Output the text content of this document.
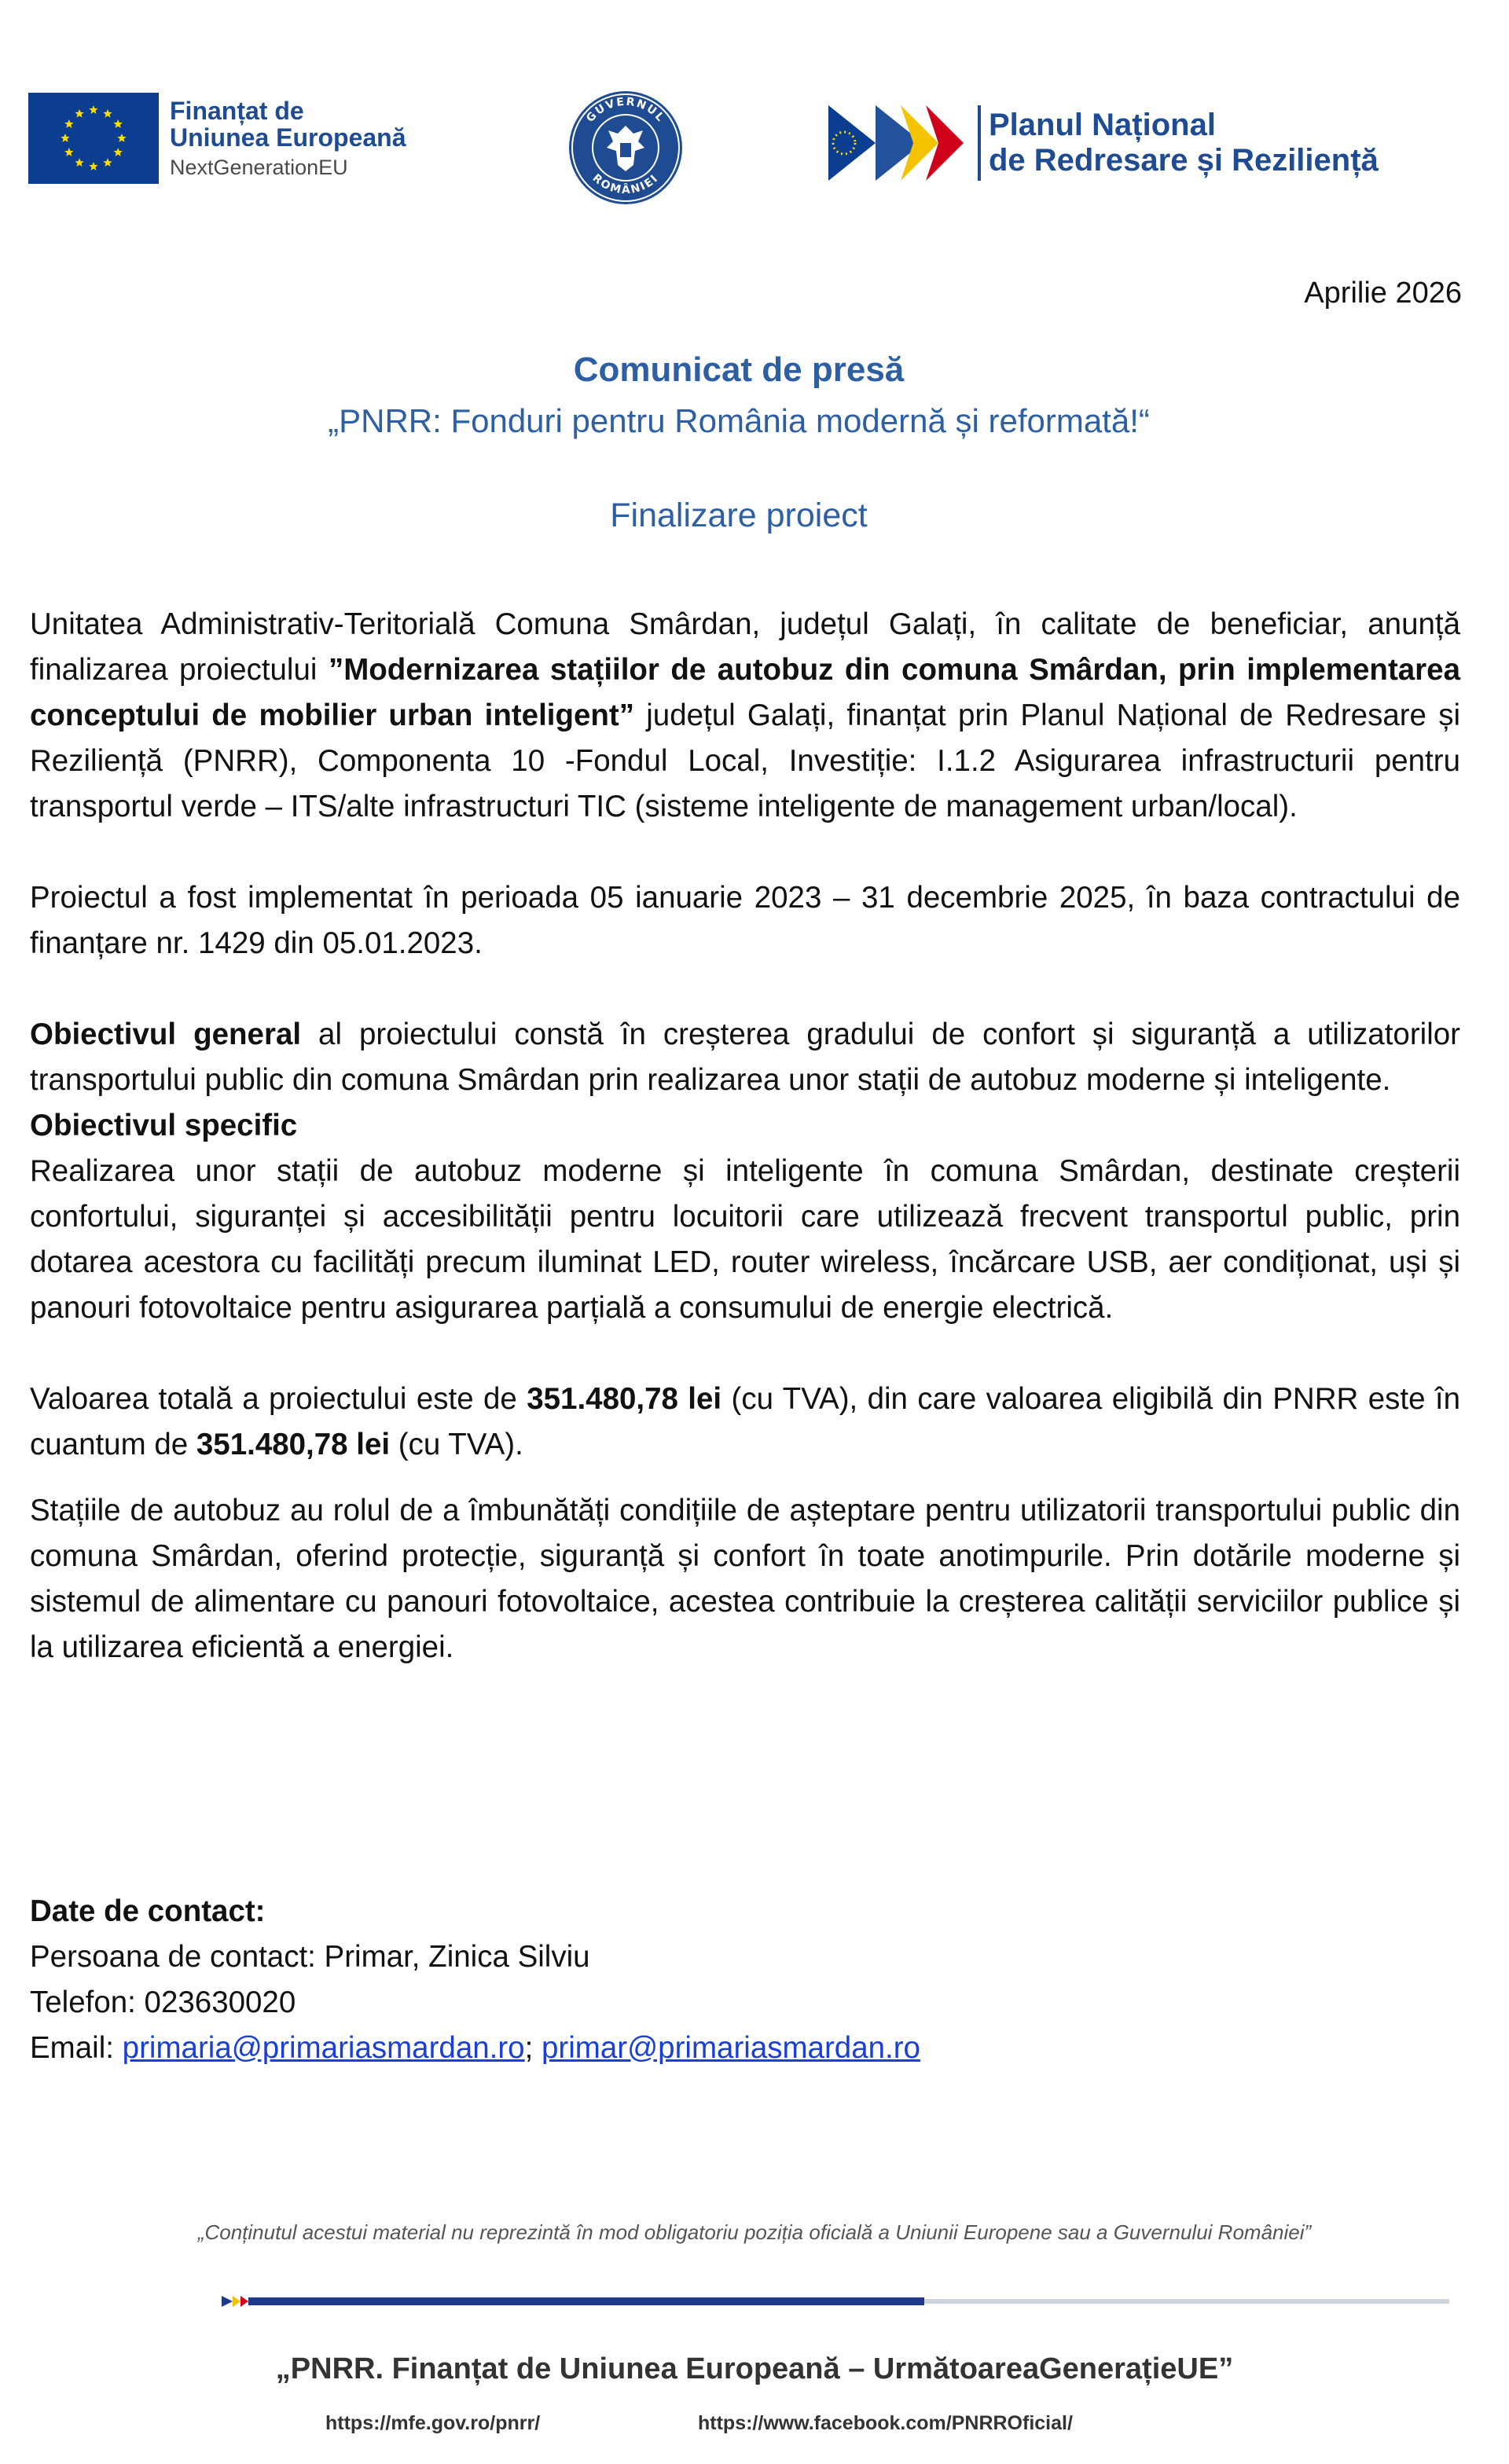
Finanțat de
Uniunea Europeană
NextGenerationEU
GUVERNUL
ROMÂNIEI
Planul Național
de Redresare și Reziliență
Aprilie 2026
Comunicat de presă
„PNRR: Fonduri pentru România modernă și reformată!“
Finalizare proiect

Unitatea Administrativ-Teritorială Comuna Smârdan, județul Galați, în calitate de beneficiar, anunță finalizarea proiectului ”Modernizarea stațiilor de autobuz din comuna Smârdan, prin implementarea conceptului de mobilier urban inteligent” județul Galați, finanțat prin Planul Național de Redresare și Reziliență (PNRR), Componenta 10 -Fondul Local, Investiție: I.1.2 Asigurarea infrastructurii pentru transportul verde – ITS/alte infrastructuri TIC (sisteme inteligente de management urban/local).

Proiectul a fost implementat în perioada 05 ianuarie 2023 – 31 decembrie 2025, în baza contractului de finanțare nr. 1429 din 05.01.2023.

Obiectivul general al proiectului constă în creșterea gradului de confort și siguranță a utilizatorilor transportului public din comuna Smârdan prin realizarea unor stații de autobuz moderne și inteligente.

Obiectivul specific

Realizarea unor stații de autobuz moderne și inteligente în comuna Smârdan, destinate creșterii confortului, siguranței și accesibilității pentru locuitorii care utilizează frecvent transportul public, prin dotarea acestora cu facilități precum iluminat LED, router wireless, încărcare USB, aer condiționat, uși și panouri fotovoltaice pentru asigurarea parțială a consumului de energie electrică.

Valoarea totală a proiectului este de 351.480,78 lei (cu TVA), din care valoarea eligibilă din PNRR este în cuantum de 351.480,78 lei (cu TVA).

Stațiile de autobuz au rolul de a îmbunătăți condițiile de așteptare pentru utilizatorii transportului public din comuna Smârdan, oferind protecție, siguranță și confort în toate anotimpurile. Prin dotările moderne și sistemul de alimentare cu panouri fotovoltaice, acestea contribuie la creșterea calității serviciilor publice și la utilizarea eficientă a energiei.

Date de contact:
Persoana de contact: Primar, Zinica Silviu
Telefon: 023630020
Email: primaria@primariasmardan.ro; primar@primariasmardan.ro
„Conținutul acestui material nu reprezintă în mod obligatoriu poziția oficială a Uniunii Europene sau a Guvernului României”
„PNRR. Finanțat de Uniunea Europeană – UrmătoareaGenerațieUE”
https://mfe.gov.ro/pnrr/	https://www.facebook.com/PNRROficial/
